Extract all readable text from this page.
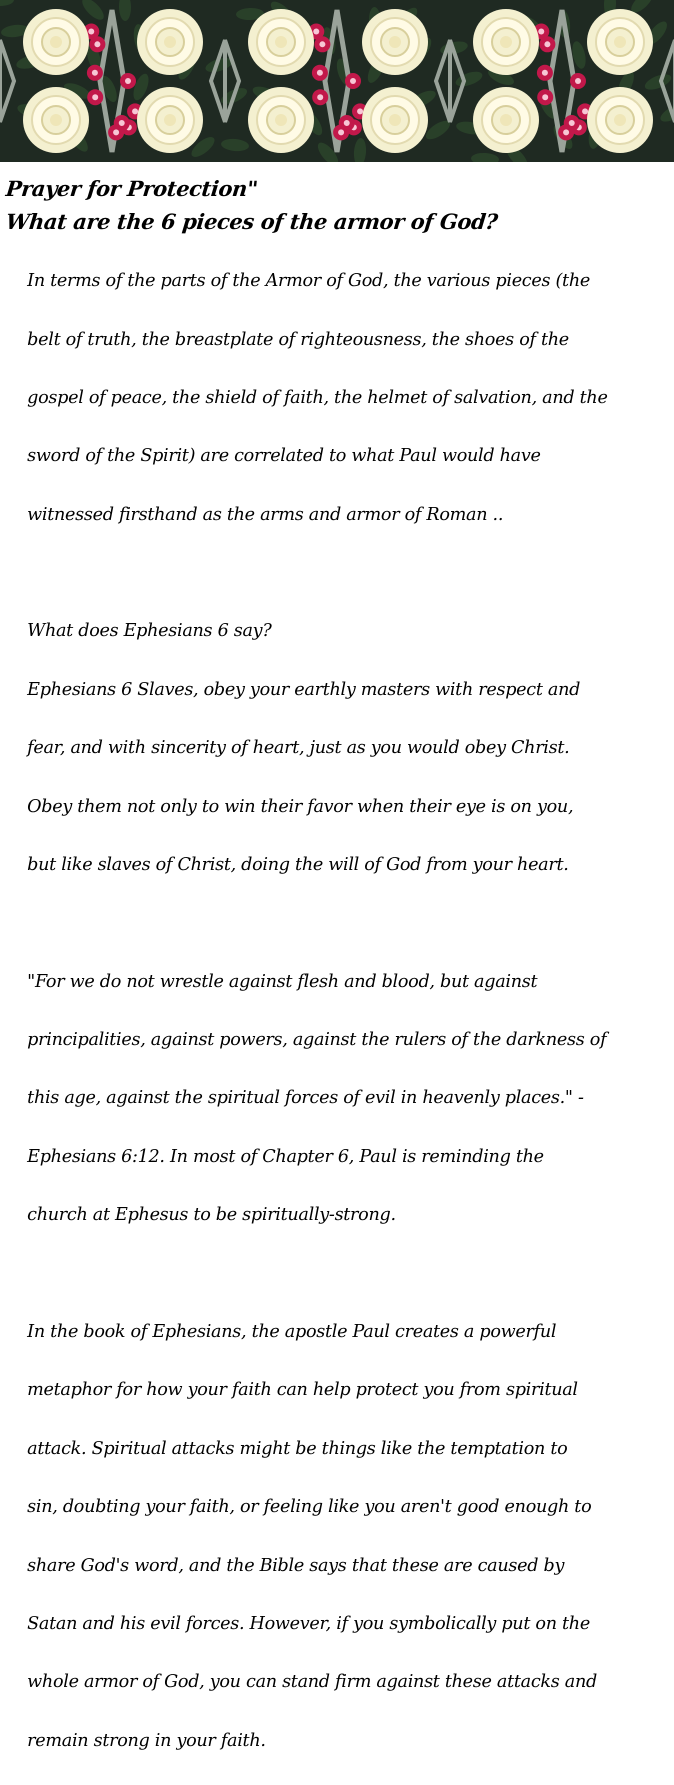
Prayer for Protection"
What are the 6 pieces of the armor of God?

In terms of the parts of the Armor of God, the various pieces (the

belt of truth, the breastplate of righteousness, the shoes of the

gospel of peace, the shield of faith, the helmet of salvation, and the

sword of the Spirit) are correlated to what Paul would have

witnessed firsthand as the arms and armor of Roman ..

What does Ephesians 6 say?

Ephesians 6 Slaves, obey your earthly masters with respect and

fear, and with sincerity of heart, just as you would obey Christ.

Obey them not only to win their favor when their eye is on you,

but like slaves of Christ, doing the will of God from your heart.

"For we do not wrestle against flesh and blood, but against

principalities, against powers, against the rulers of the darkness of

this age, against the spiritual forces of evil in heavenly places." -

Ephesians 6:12. In most of Chapter 6, Paul is reminding the

church at Ephesus to be spiritually-strong.

In the book of Ephesians, the apostle Paul creates a powerful

metaphor for how your faith can help protect you from spiritual

attack. Spiritual attacks might be things like the temptation to

sin, doubting your faith, or feeling like you aren't good enough to

share God's word, and the Bible says that these are caused by

Satan and his evil forces. However, if you symbolically put on the

whole armor of God, you can stand firm against these attacks and

remain strong in your faith.
